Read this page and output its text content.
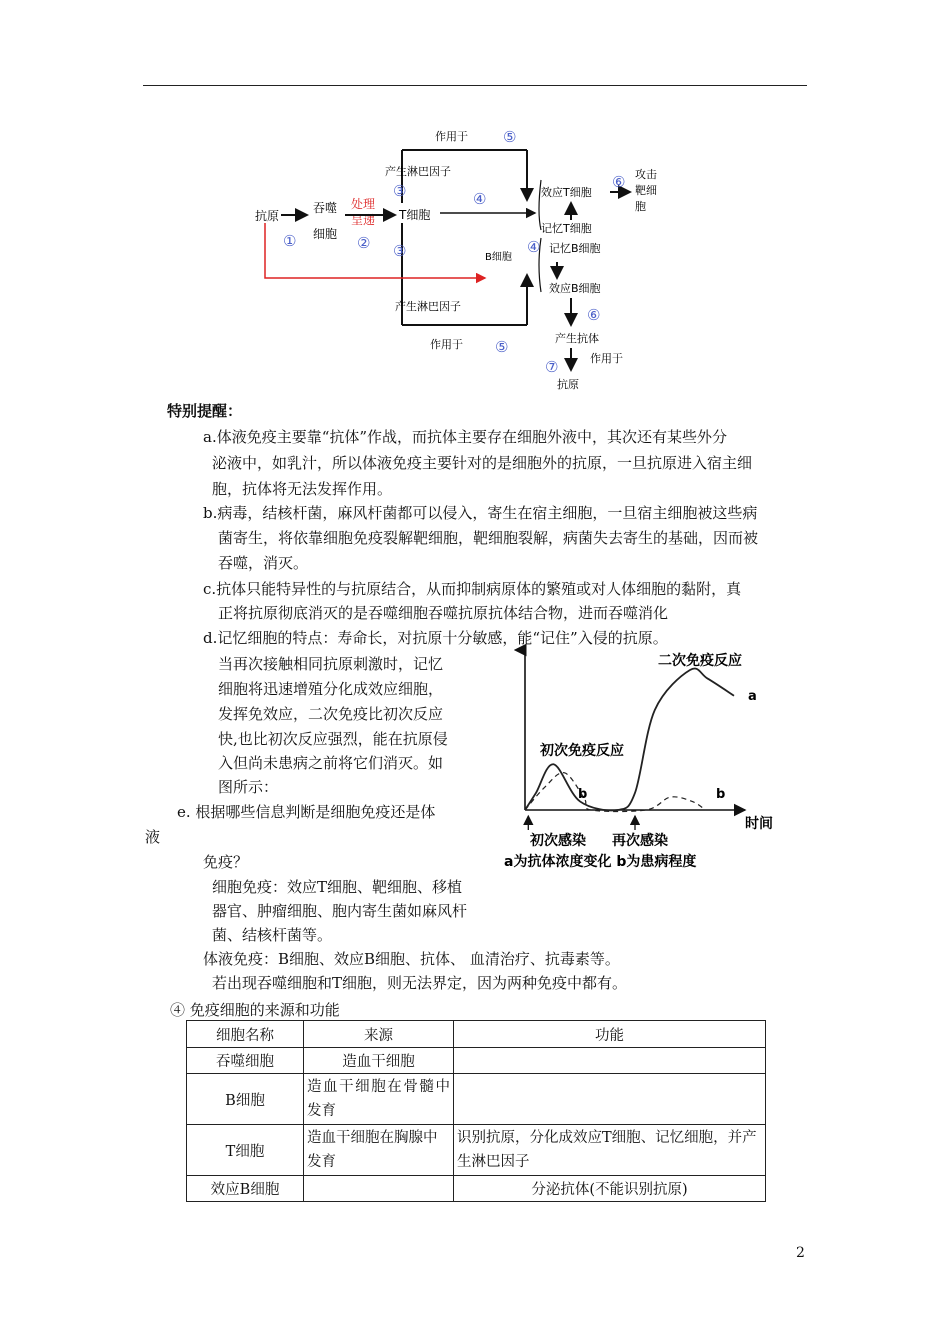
抗原
吞噬
细胞
处理
呈递 T细胞
产生淋巴因子
产生淋巴因子
作用于
作用于
B细胞
效应T细胞
记忆T细胞
记忆B细胞
效应B细胞
攻击
靶细
胞
产生抗体
作用于
抗原
①	②
③
③
④
④
⑤
⑤
⑥
⑥
⑦
特别提醒：
a.体液免疫主要靠“抗体”作战，而抗体主要存在细胞外液中，其次还有某些外分
泌液中，如乳汁，所以体液免疫主要针对的是细胞外的抗原，一旦抗原进入宿主细
胞，抗体将无法发挥作用。
b.病毒，结核杆菌，麻风杆菌都可以侵入，寄生在宿主细胞，一旦宿主细胞被这些病
菌寄生，将依靠细胞免疫裂解靶细胞，靶细胞裂解，病菌失去寄生的基础，因而被
吞噬，消灭。
c.抗体只能特异性的与抗原结合，从而抑制病原体的繁殖或对人体细胞的黏附，真
正将抗原彻底消灭的是吞噬细胞吞噬抗原抗体结合物，进而吞噬消化
d.记忆细胞的特点：寿命长，对抗原十分敏感，能“记住”入侵的抗原。
当再次接触相同抗原刺激时，记忆
细胞将迅速增殖分化成效应细胞，
发挥免效应，二次免疫比初次反应
快,也比初次反应强烈，能在抗原侵
入但尚未患病之前将它们消灭。如
图所示：
e. 根据哪些信息判断是细胞免疫还是体
液
免疫？
细胞免疫：效应T细胞、靶细胞、移植
器官、肿瘤细胞、胞内寄生菌如麻风杆
菌、结核杆菌等。
体液免疫：B细胞、效应B细胞、抗体、 血清治疗、抗毒素等。
若出现吞噬细胞和T细胞，则无法界定，因为两种免疫中都有。
二次免疫反应
初次免疫反应
a
b	b
时间
初次感染 再次感染
a为抗体浓度变化 b为患病程度
④ 免疫细胞的来源和功能
细胞名称	来源	功能
吞噬细胞	造血干细胞	
B细胞	造血干细胞在骨髓中发育	
T细胞	造血干细胞在胸腺中发育	识别抗原，分化成效应T细胞、记忆细胞，并产生淋巴因子
效应B细胞		分泌抗体(不能识别抗原)
2
